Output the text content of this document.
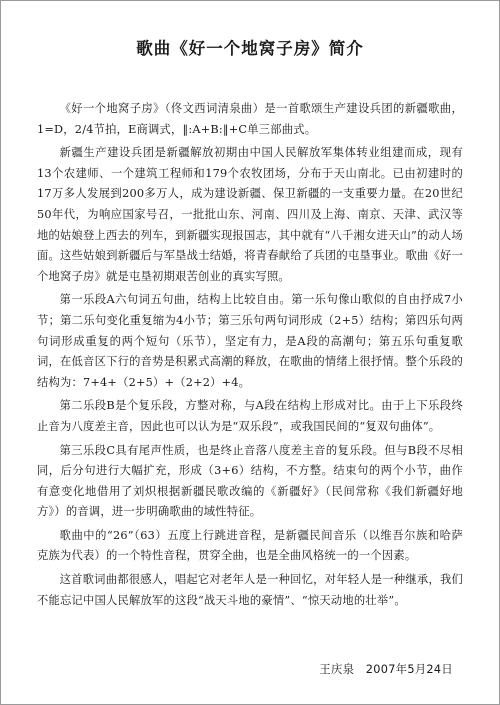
歌曲《好一个地窝子房》简介

《好一个地窝子房》（佟文西词清泉曲）是一首歌颂生产建设兵团的新疆歌曲，1=D，2/4节拍，E商调式，‖:A+B:‖+C单三部曲式。

新疆生产建设兵团是新疆解放初期由中国人民解放军集体转业组建而成，现有13个农建师、一个建筑工程师和179个农牧团场，分布于天山南北。已由初建时的17万多人发展到200多万人，成为建设新疆、保卫新疆的一支重要力量。在20世纪50年代，为响应国家号召，一批批山东、河南、四川及上海、南京、天津、武汉等地的姑娘登上西去的列车，到新疆实现报国志，其中就有“八千湘女进天山”的动人场面。这些姑娘到新疆后与军垦战士结婚，将青春献给了兵团的屯垦事业。歌曲《好一个地窝子房》就是屯垦初期艰苦创业的真实写照。

第一乐段A六句词五句曲，结构上比较自由。第一乐句像山歌似的自由抒成7小节；第二乐句变化重复缩为4小节；第三乐句两句词形成（2+5）结构；第四乐句两句词形成重复的两个短句（乐节），坚定有力，是A段的高潮句；第五乐句重复歌词，在低音区下行的音势是积累式高潮的释放，在歌曲的情绪上很抒情。整个乐段的结构为：7+4+（2+5）+（2+2）+4。

第二乐段B是个复乐段，方整对称，与A段在结构上形成对比。由于上下乐段终止音为八度差主音，因此也可以认为是“双乐段”，或我国民间的“复双句曲体”。

第三乐段C具有尾声性质，也是终止音落八度差主音的复乐段。但与B段不尽相同，后分句进行大幅扩充，形成（3+6）结构，不方整。结束句的两个小节，曲作有意变化地借用了刘炽根据新疆民歌改编的《新疆好》（民间常称《我们新疆好地方》）的音调，进一步明确歌曲的域性特征。

歌曲中的“26”（63）五度上行跳进音程，是新疆民间音乐（以维吾尔族和哈萨克族为代表）的一个特性音程，贯穿全曲，也是全曲风格统一的一个因素。

这首歌词曲都很感人，唱起它对老年人是一种回忆，对年轻人是一种继承，我们不能忘记中国人民解放军的这段“战天斗地的豪情”、“惊天动地的壮举”。

王庆泉　2007年5月24日
